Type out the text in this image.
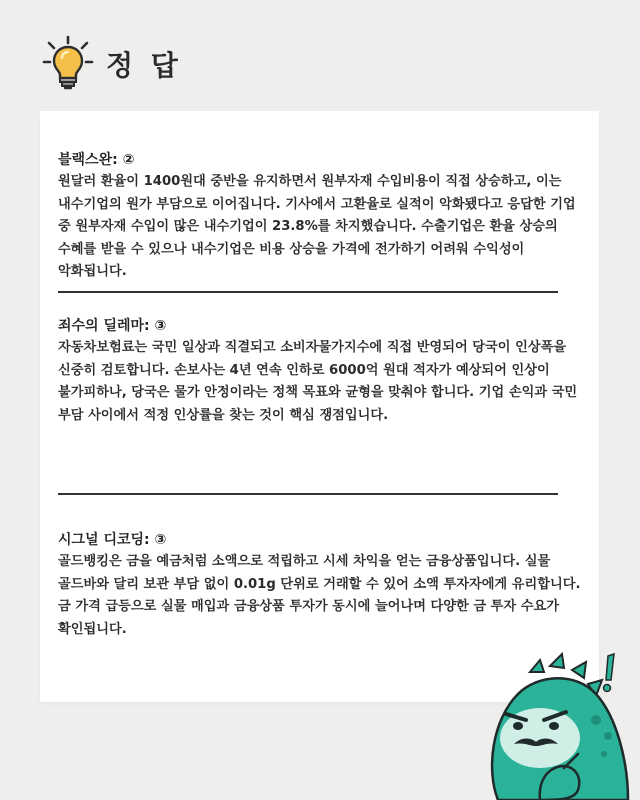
정 답
블랙스완: ②
원달러 환율이 1400원대 중반을 유지하면서 원부자재 수입비용이 직접 상승하고, 이는 내수기업의 원가 부담으로 이어집니다. 기사에서 고환율로 실적이 악화됐다고 응답한 기업 중 원부자재 수입이 많은 내수기업이 23.8%를 차지했습니다. 수출기업은 환율 상승의 수혜를 받을 수 있으나 내수기업은 비용 상승을 가격에 전가하기 어려워 수익성이 악화됩니다.
죄수의 딜레마: ③
자동차보험료는 국민 일상과 직결되고 소비자물가지수에 직접 반영되어 당국이 인상폭을 신중히 검토합니다. 손보사는 4년 연속 인하로 6000억 원대 적자가 예상되어 인상이 불가피하나, 당국은 물가 안정이라는 정책 목표와 균형을 맞춰야 합니다. 기업 손익과 국민 부담 사이에서 적정 인상률을 찾는 것이 핵심 쟁점입니다.
시그널 디코딩: ③
골드뱅킹은 금을 예금처럼 소액으로 적립하고 시세 차익을 얻는 금융상품입니다. 실물 골드바와 달리 보관 부담 없이 0.01g 단위로 거래할 수 있어 소액 투자자에게 유리합니다. 금 가격 급등으로 실물 매입과 금융상품 투자가 동시에 늘어나며 다양한 금 투자 수요가 확인됩니다.
